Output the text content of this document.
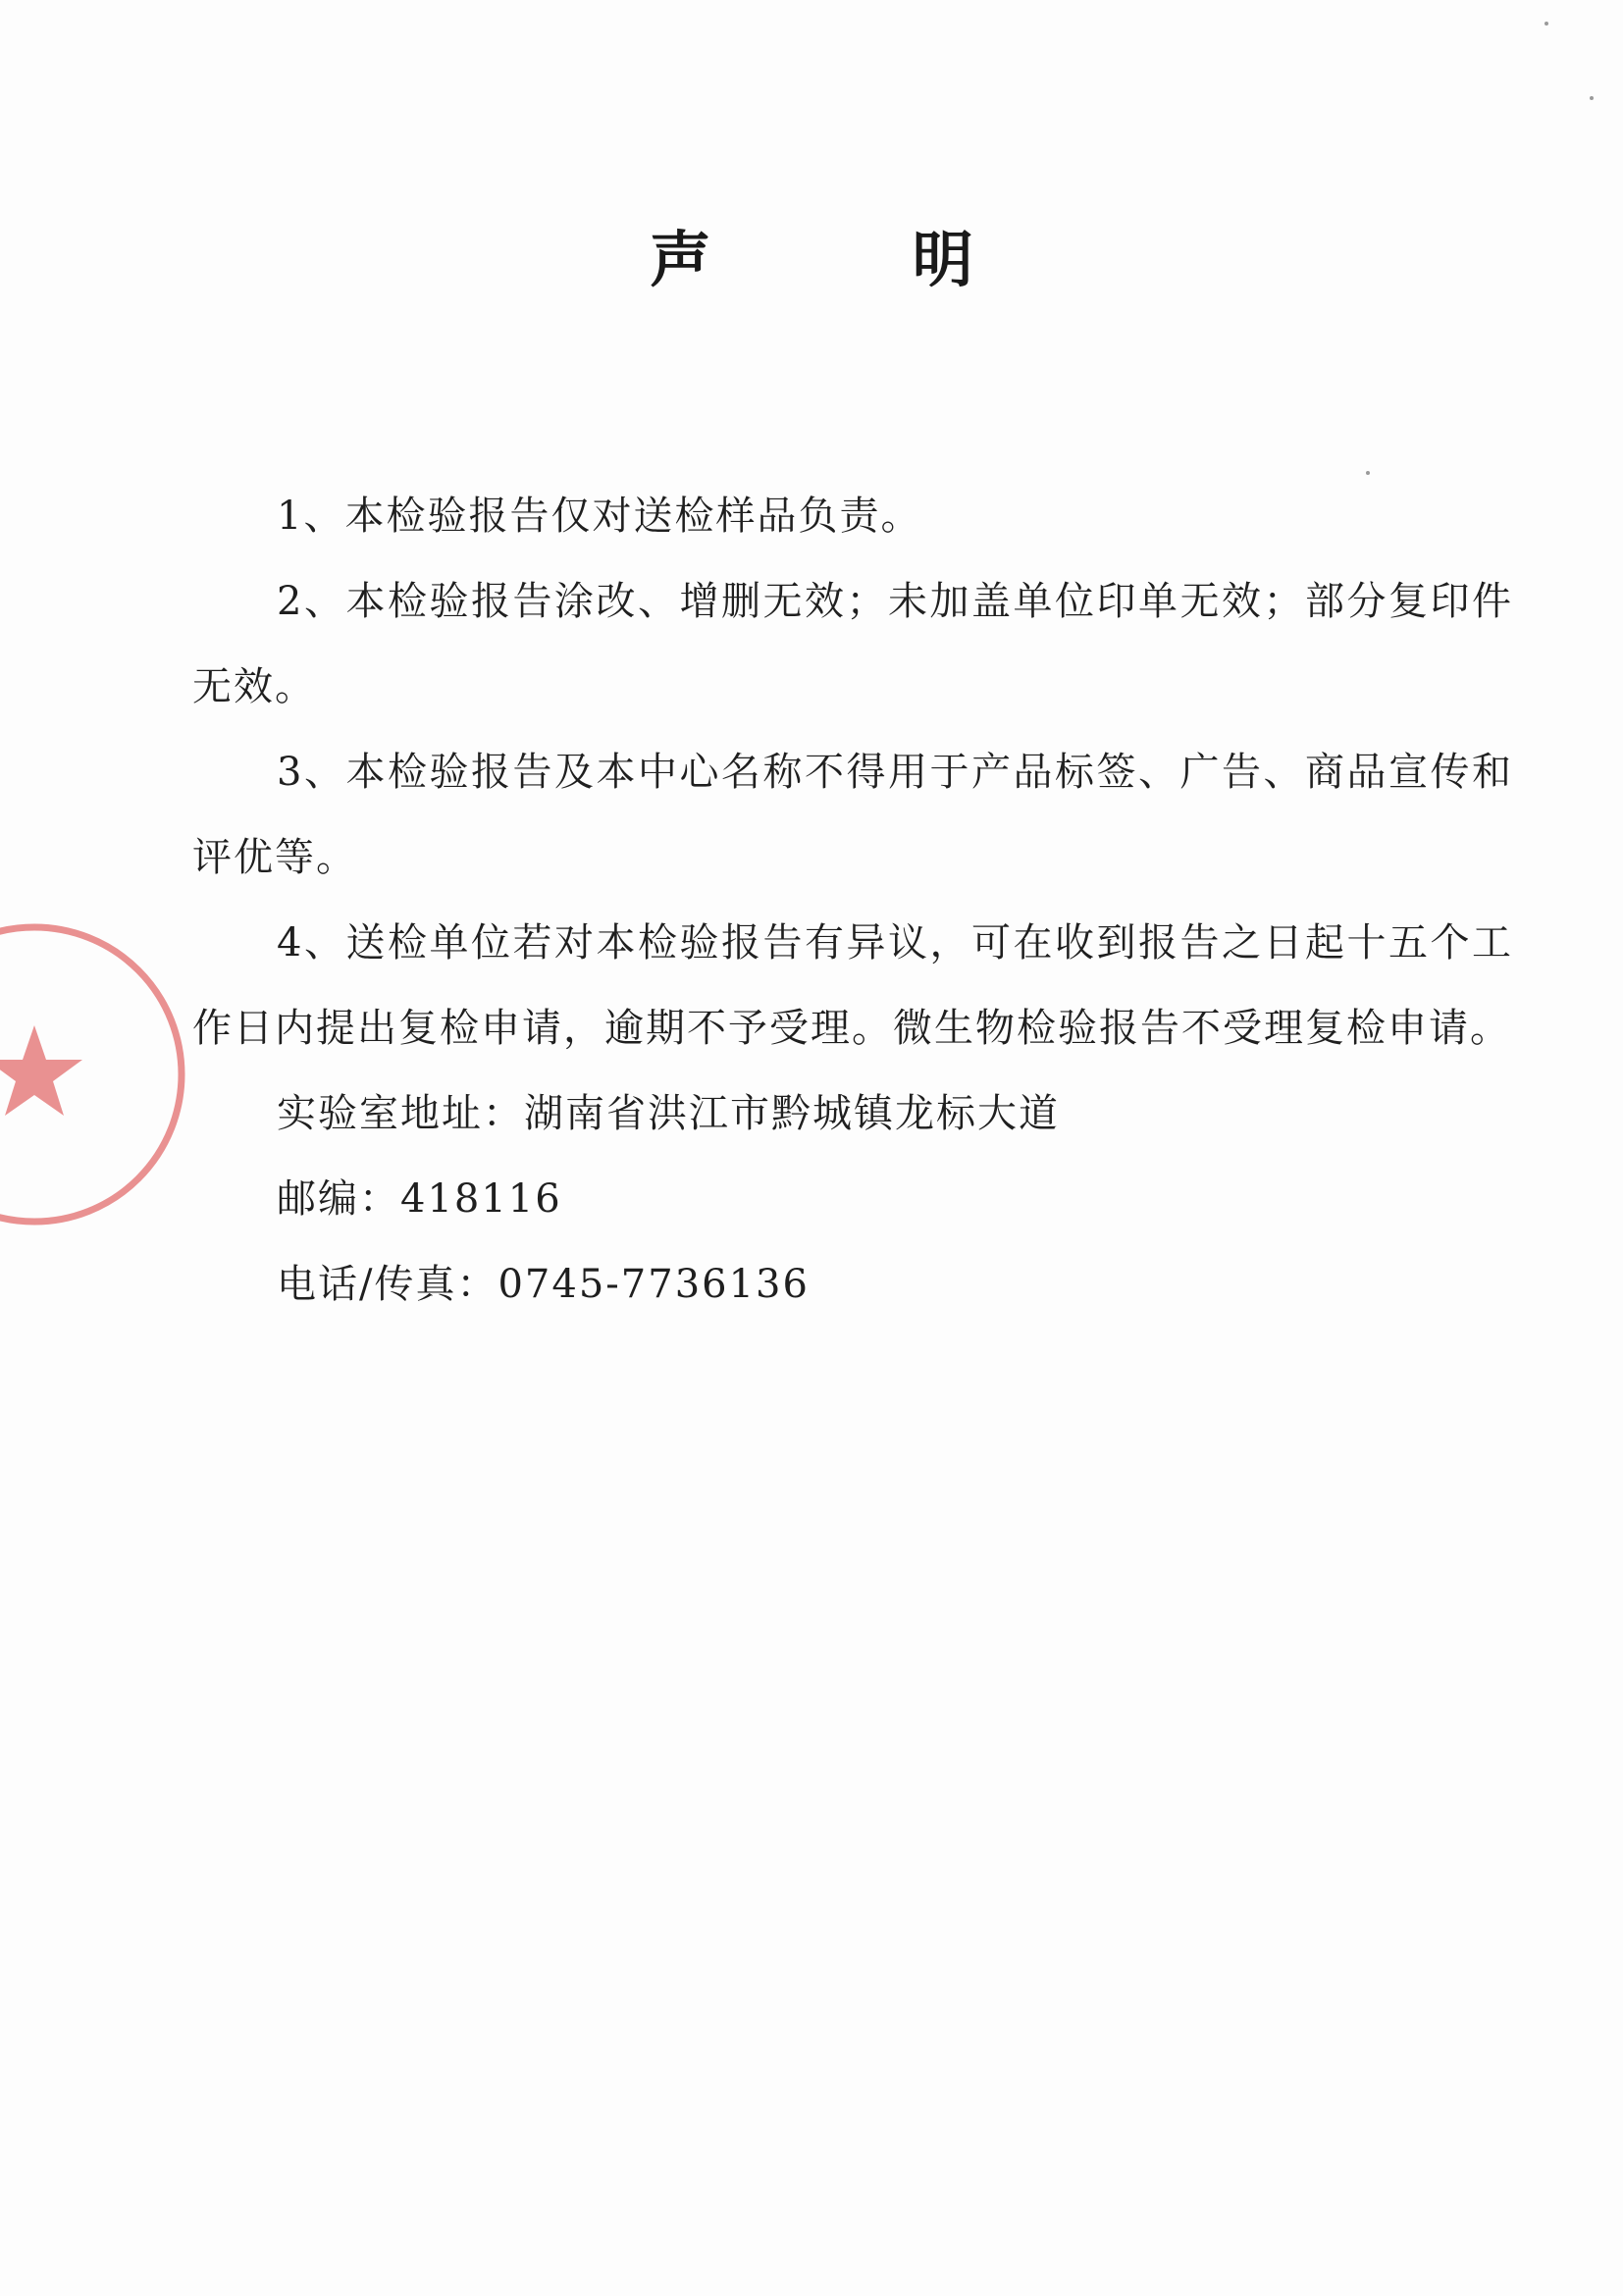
声 明

1、本检验报告仅对送检样品负责。

2、本检验报告涂改、增删无效；未加盖单位印单无效；部分复印件无效。

3、本检验报告及本中心名称不得用于产品标签、广告、商品宣传和评优等。

4、送检单位若对本检验报告有异议，可在收到报告之日起十五个工作日内提出复检申请，逾期不予受理。微生物检验报告不受理复检申请。

实验室地址：湖南省洪江市黔城镇龙标大道

邮编：418116

电话/传真：0745-7736136
